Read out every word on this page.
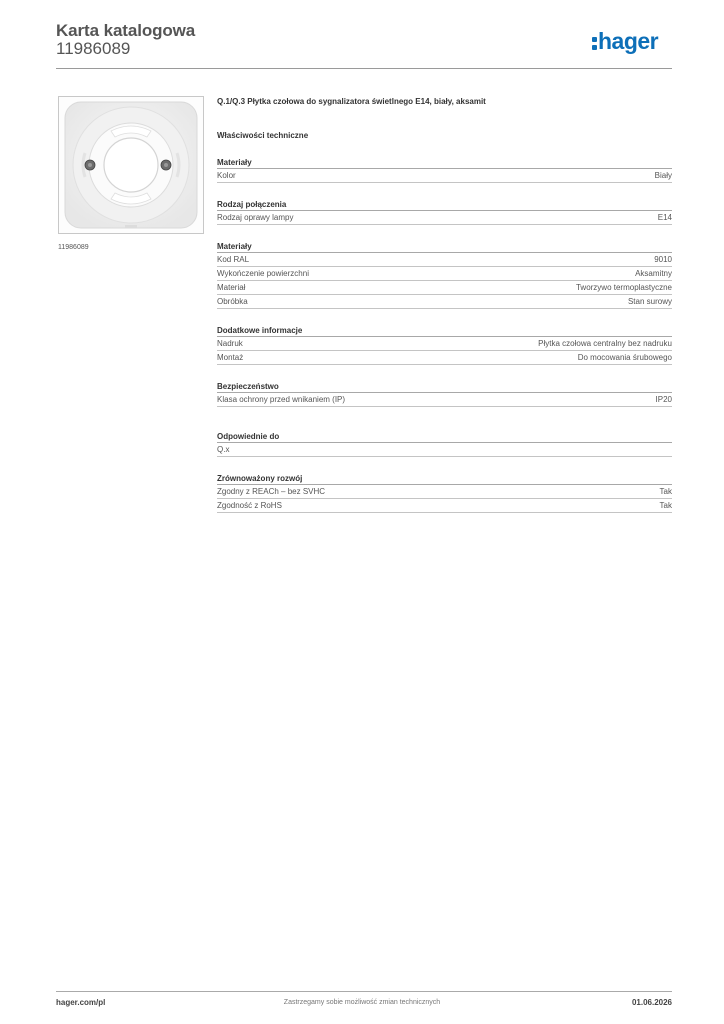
Karta katalogowa
11986089	hager
11986089
Q.1/Q.3 Płytka czołowa do sygnalizatora świetlnego E14, biały, aksamit
Właściwości techniczne
Materiały
Kolor	Biały
Rodzaj połączenia
Rodzaj oprawy lampy	E14
Materiały
Kod RAL	9010
Wykończenie powierzchni	Aksamitny
Materiał	Tworzywo termoplastyczne
Obróbka	Stan surowy
Dodatkowe informacje
Nadruk	Płytka czołowa centralny bez nadruku
Montaż	Do mocowania śrubowego
Bezpieczeństwo
Klasa ochrony przed wnikaniem (IP)	IP20
Odpowiednie do
Q.x
Zrównoważony rozwój
Zgodny z REACh – bez SVHC	Tak
Zgodność z RoHS	Tak
hager.com/pl	Zastrzegamy sobie możliwość zmian technicznych	01.06.2026
